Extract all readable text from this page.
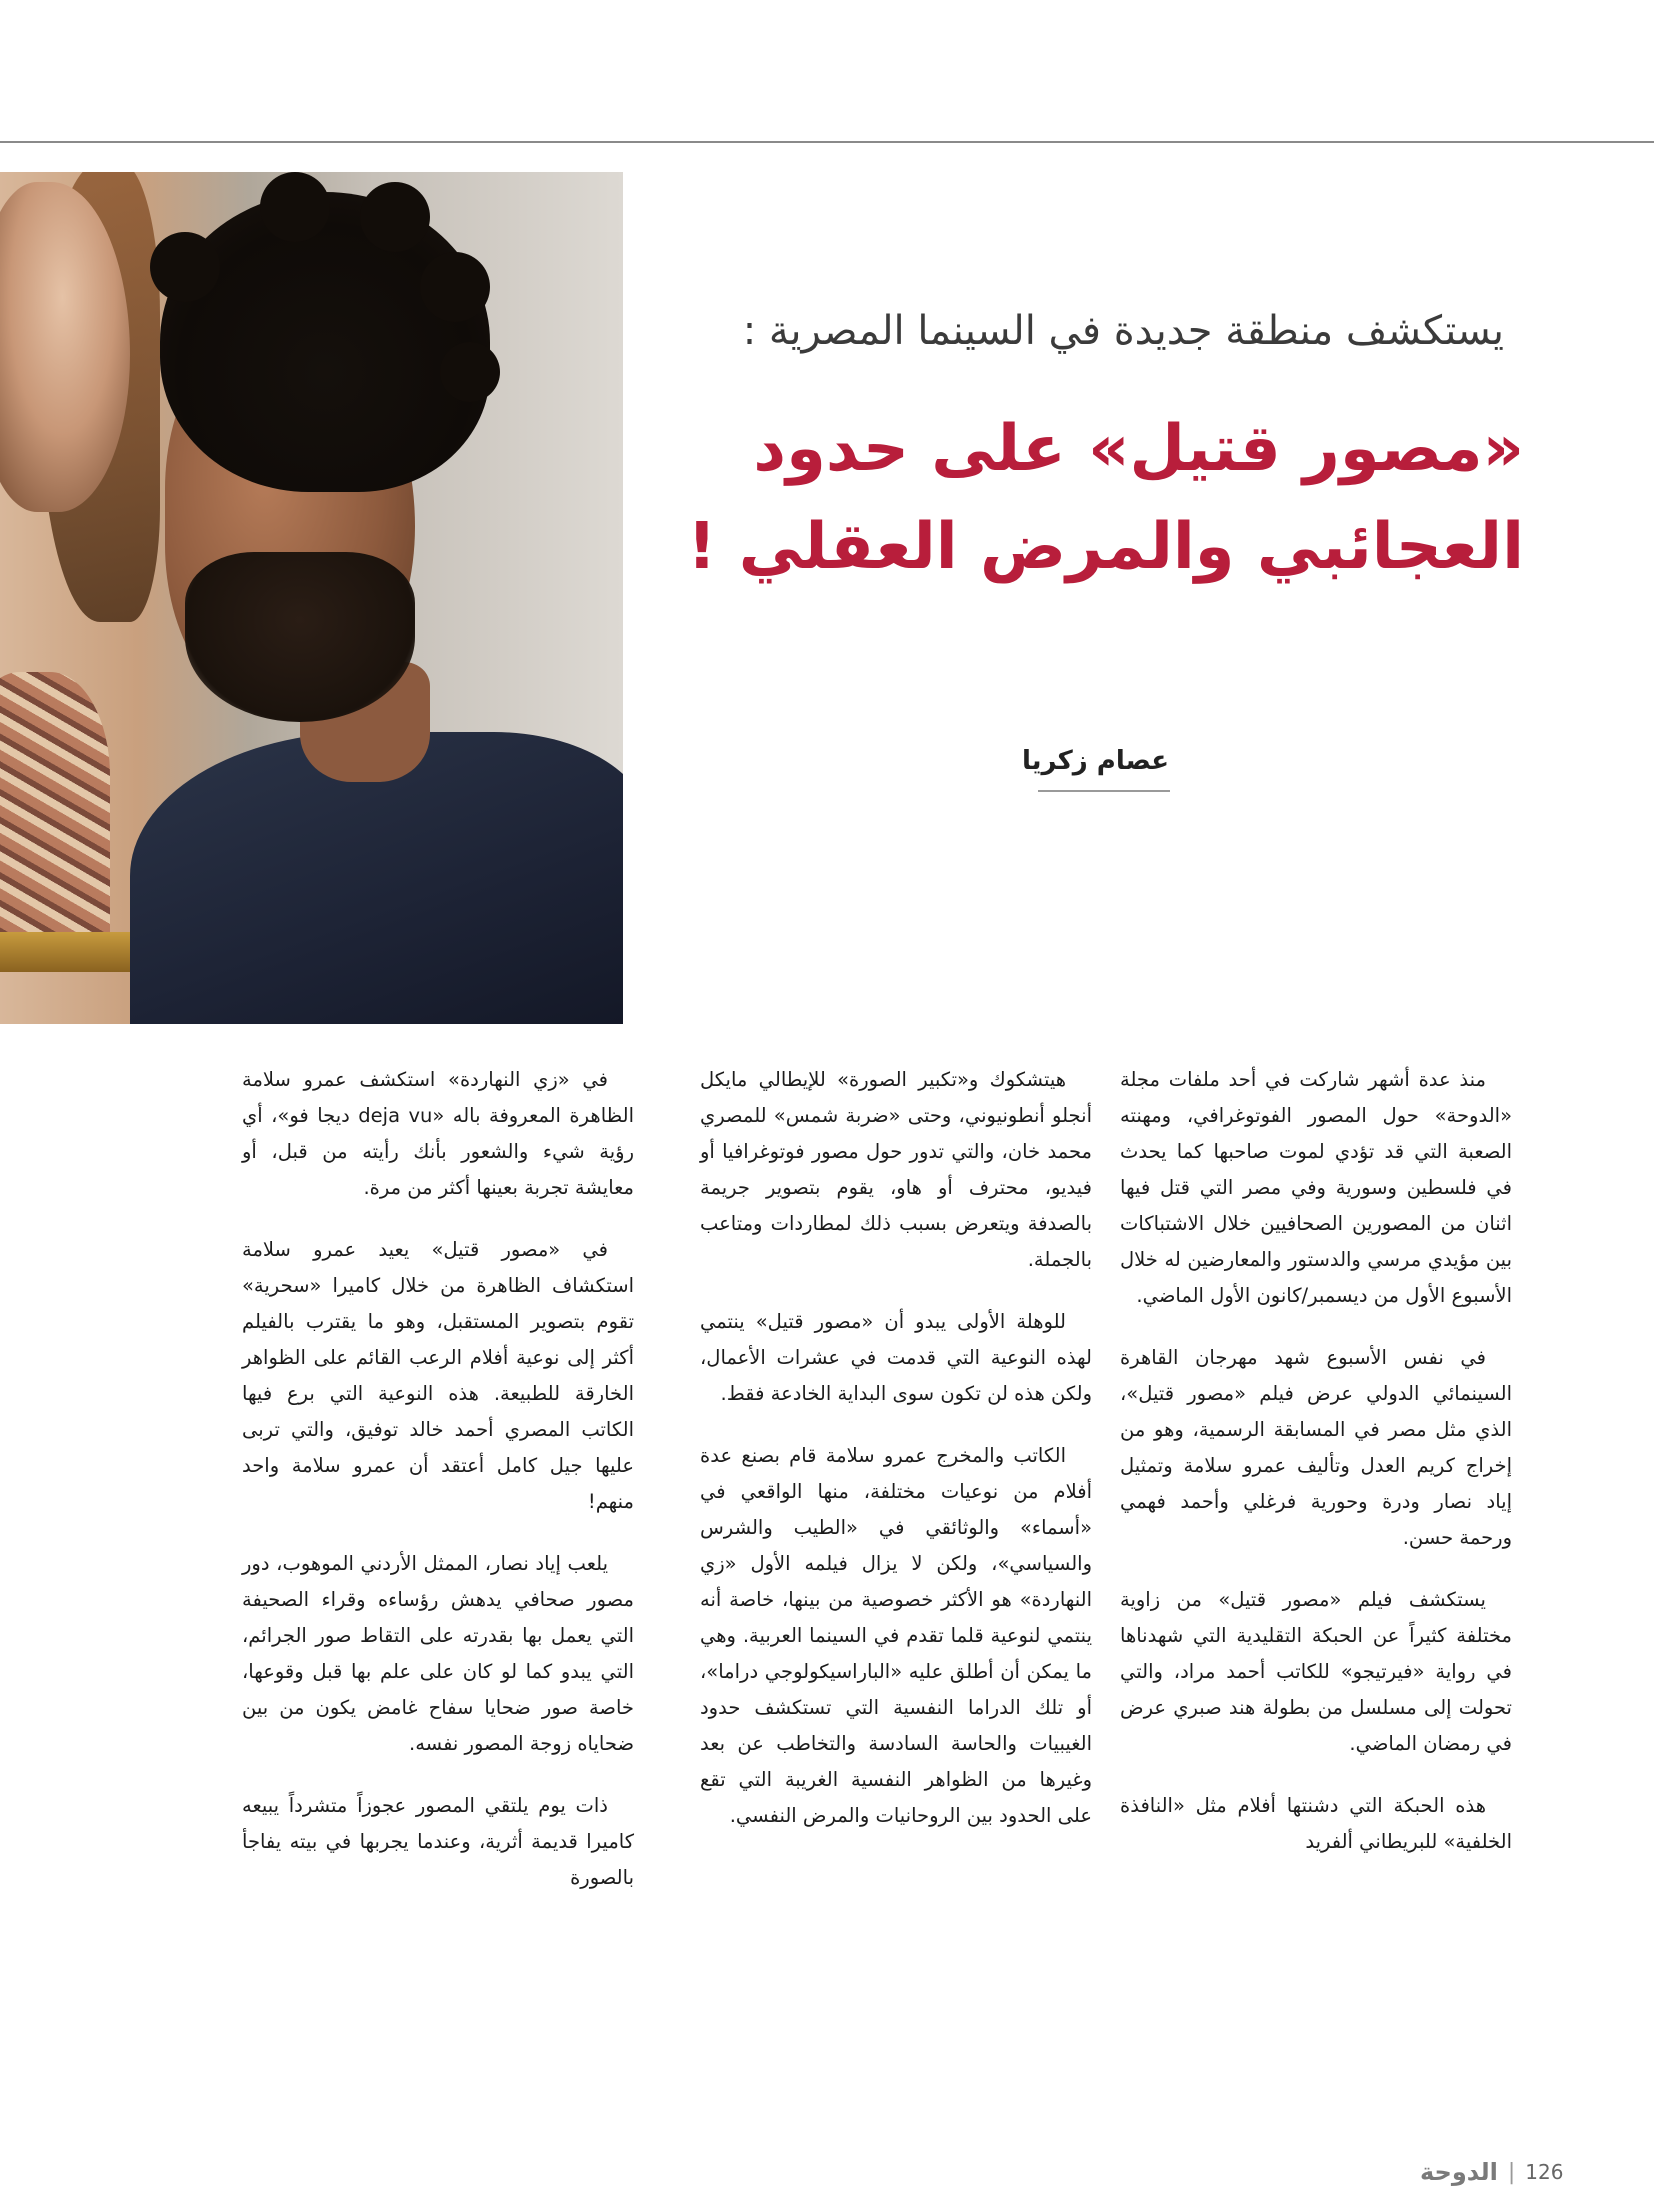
يستكشف منطقة جديدة في السينما المصرية :
«مصور قتيل» على حدود العجائبي والمرض العقلي !
عصام زكريا

منذ عدة أشهر شاركت في أحد ملفات مجلة «الدوحة» حول المصور الفوتوغرافي، ومهنته الصعبة التي قد تؤدي لموت صاحبها كما يحدث في فلسطين وسورية وفي مصر التي قتل فيها اثنان من المصورين الصحافيين خلال الاشتباكات بين مؤيدي مرسي والدستور والمعارضين له خلال الأسبوع الأول من ديسمبر/كانون الأول الماضي.

في نفس الأسبوع شهد مهرجان القاهرة السينمائي الدولي عرض فيلم «مصور قتيل»، الذي مثل مصر في المسابقة الرسمية، وهو من إخراج كريم العدل وتأليف عمرو سلامة وتمثيل إياد نصار ودرة وحورية فرغلي وأحمد فهمي ورحمة حسن.

يستكشف فيلم «مصور قتيل» من زاوية مختلفة كثيراً عن الحبكة التقليدية التي شهدناها في رواية «فيرتيجو» للكاتب أحمد مراد، والتي تحولت إلى مسلسل من بطولة هند صبري عرض في رمضان الماضي.

هذه الحبكة التي دشنتها أفلام مثل «النافذة الخلفية» للبريطاني ألفريد

هيتشكوك و«تكبير الصورة» للإيطالي مايكل أنجلو أنطونيوني، وحتى «ضربة شمس» للمصري محمد خان، والتي تدور حول مصور فوتوغرافيا أو فيديو، محترف أو هاو، يقوم بتصوير جريمة بالصدفة ويتعرض بسبب ذلك لمطاردات ومتاعب بالجملة.

للوهلة الأولى يبدو أن «مصور قتيل» ينتمي لهذه النوعية التي قدمت في عشرات الأعمال، ولكن هذه لن تكون سوى البداية الخادعة فقط.

الكاتب والمخرج عمرو سلامة قام بصنع عدة أفلام من نوعيات مختلفة، منها الواقعي في «أسماء» والوثائقي في «الطيب والشرس والسياسي»، ولكن لا يزال فيلمه الأول «زي النهاردة» هو الأكثر خصوصية من بينها، خاصة أنه ينتمي لنوعية قلما تقدم في السينما العربية. وهي ما يمكن أن أطلق عليه «الباراسيكولوجي دراما»، أو تلك الدراما النفسية التي تستكشف حدود الغيبيات والحاسة السادسة والتخاطب عن بعد وغيرها من الظواهر النفسية الغريبة التي تقع على الحدود بين الروحانيات والمرض النفسي.

في «زي النهاردة» استكشف عمرو سلامة الظاهرة المعروفة باله «deja vu ديجا فو»، أي رؤية شيء والشعور بأنك رأيته من قبل، أو معايشة تجربة بعينها أكثر من مرة.

في «مصور قتيل» يعيد عمرو سلامة استكشاف الظاهرة من خلال كاميرا «سحرية» تقوم بتصوير المستقبل، وهو ما يقترب بالفيلم أكثر إلى نوعية أفلام الرعب القائم على الظواهر الخارقة للطبيعة. هذه النوعية التي برع فيها الكاتب المصري أحمد خالد توفيق، والتي تربى عليها جيل كامل أعتقد أن عمرو سلامة واحد منهم!

يلعب إياد نصار، الممثل الأردني الموهوب، دور مصور صحافي يدهش رؤساءه وقراء الصحيفة التي يعمل بها بقدرته على التقاط صور الجرائم، التي يبدو كما لو كان على علم بها قبل وقوعها، خاصة صور ضحايا سفاح غامض يكون من بين ضحاياه زوجة المصور نفسه.

ذات يوم يلتقي المصور عجوزاً متشرداً يبيعه كاميرا قديمة أثرية، وعندما يجربها في بيته يفاجأ بالصورة

الدوحة | 126
